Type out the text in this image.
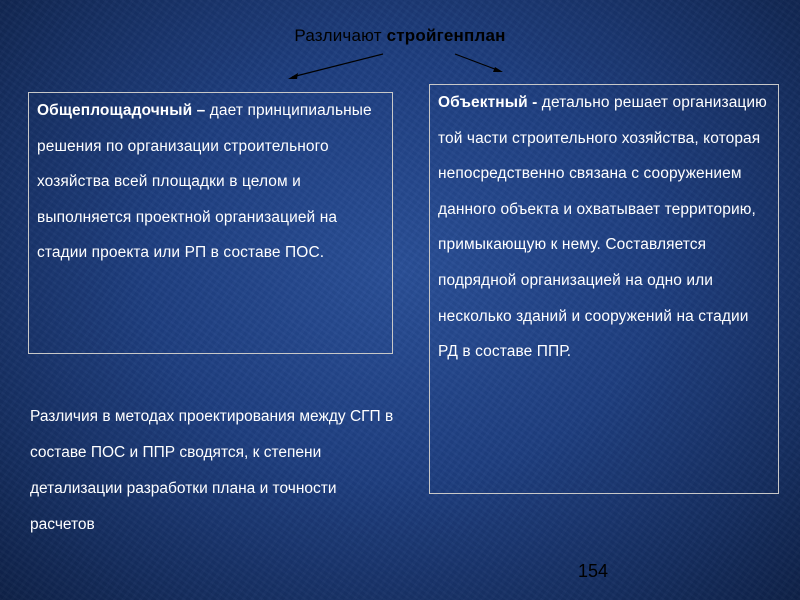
Различают стройгенплан
Общеплощадочный – дает принципиальные решения по организации строительного хозяйства всей площадки в целом и выполняется проектной организацией на стадии проекта или РП в составе ПОС.
Объектный - детально решает организацию той части строительного хозяйства, которая непосредственно связана с сооружением данного объекта и охватывает территорию, примыкающую к нему. Составляется подрядной организацией на одно или несколько зданий и сооружений на стадии РД в составе ППР.
Различия в методах проектирования между СГП в составе ПОС и ППР сводятся, к степени детализации разработки плана и точности расчетов
154
